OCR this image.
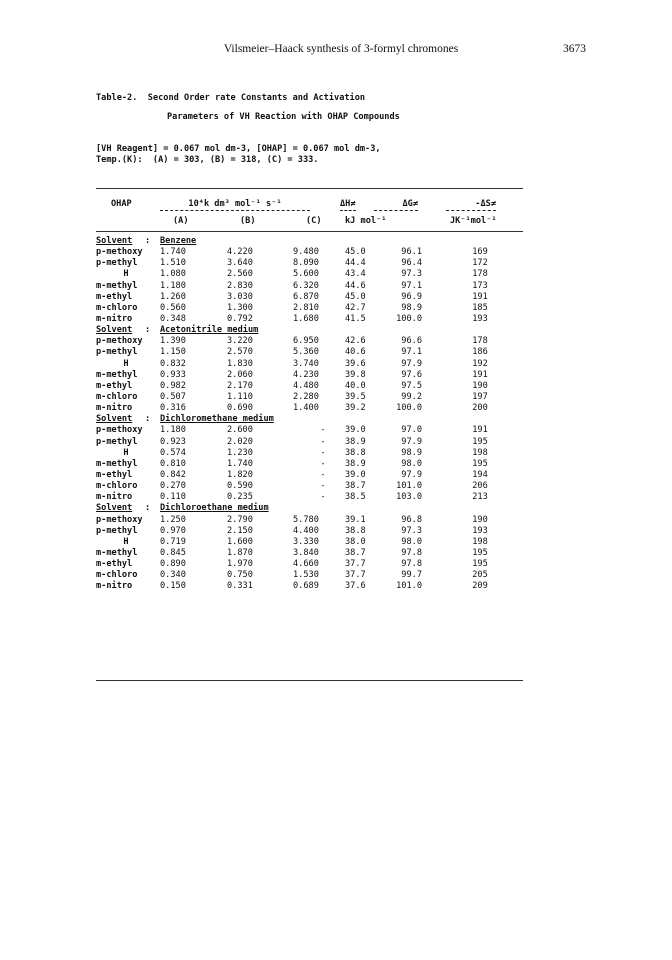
Vilsmeier–Haack synthesis of 3-formyl chromones	3673
Table-2. Second Order rate Constants and Activation
Parameters of VH Reaction with OHAP Compounds
[VH Reagent] = 0.067 mol dm-3, [OHAP] = 0.067 mol dm-3,
Temp.(K):  (A) = 303, (B) = 318, (C) = 333.
OHAP	10⁴k dm³ mol⁻¹ s⁻¹	ΔH≠	ΔG≠	-ΔS≠
(A)	(B)	(C)	kJ mol⁻¹	JK⁻¹mol⁻¹
Solvent : Benzene
p-methoxy	1.740	4.220	9.480	45.0	96.1	169
p-methyl	1.510	3.640	8.090	44.4	96.4	172
H	1.080	2.560	5.600	43.4	97.3	178
m-methyl	1.180	2.830	6.320	44.6	97.1	173
m-ethyl	1.260	3.030	6.870	45.0	96.9	191
m-chloro	0.560	1.300	2.810	42.7	98.9	185
m-nitro	0.348	0.792	1.680	41.5	100.0	193
Solvent : Acetonitrile medium
p-methoxy	1.390	3.220	6.950	42.6	96.6	178
p-methyl	1.150	2.570	5.360	40.6	97.1	186
H	0.832	1.830	3.740	39.6	97.9	192
m-methyl	0.933	2.060	4.230	39.8	97.6	191
m-ethyl	0.982	2.170	4.480	40.0	97.5	190
m-chloro	0.507	1.110	2.280	39.5	99.2	197
m-nitro	0.316	0.690	1.400	39.2	100.0	200
Solvent : Dichloromethane medium
p-methoxy	1.180	2.600	-	39.0	97.0	191
p-methyl	0.923	2.020	-	38.9	97.9	195
H	0.574	1.230	-	38.8	98.9	198
m-methyl	0.810	1.740	-	38.9	98.0	195
m-ethyl	0.842	1.820	-	39.0	97.9	194
m-chloro	0.270	0.590	-	38.7	101.0	206
m-nitro	0.110	0.235	-	38.5	103.0	213
Solvent : Dichloroethane medium
p-methoxy	1.250	2.790	5.780	39.1	96.8	190
p-methyl	0.970	2.150	4.400	38.8	97.3	193
H	0.719	1.600	3.330	38.0	98.0	198
m-methyl	0.845	1.870	3.840	38.7	97.8	195
m-ethyl	0.890	1.970	4.660	37.7	97.8	195
m-chloro	0.340	0.750	1.530	37.7	99.7	205
m-nitro	0.150	0.331	0.689	37.6	101.0	209
